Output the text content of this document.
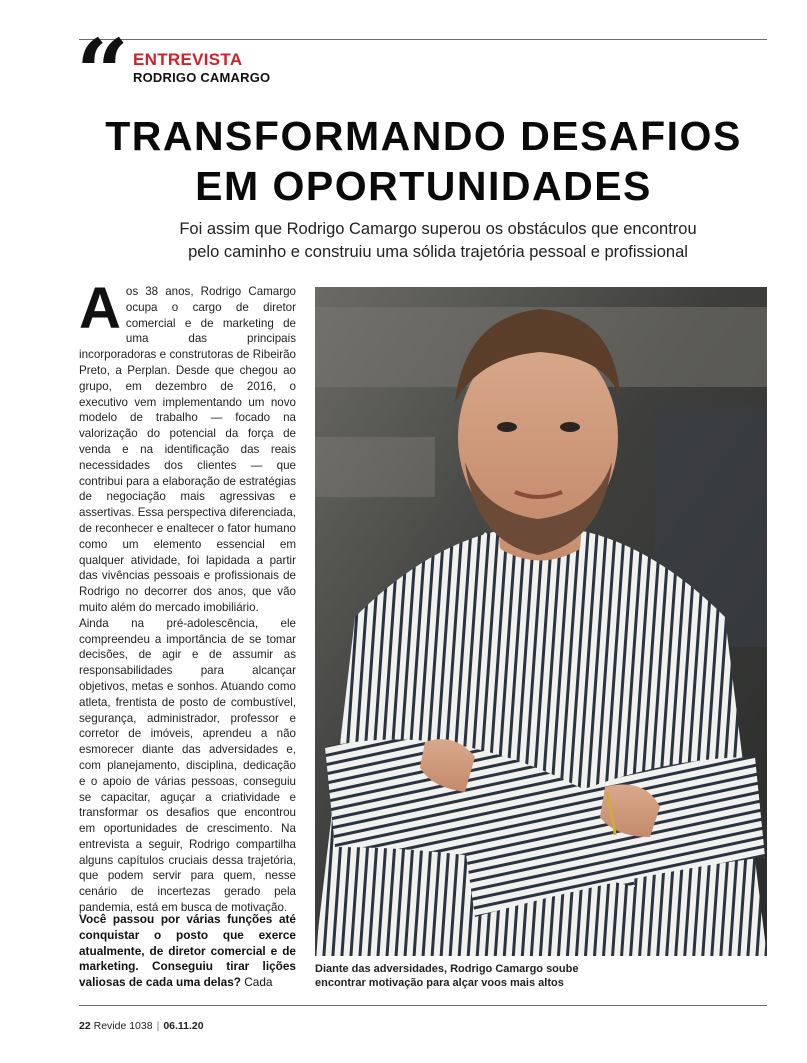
“ ENTREVISTA
RODRIGO CAMARGO
TRANSFORMANDO DESAFIOS
EM OPORTUNIDADES

Foi assim que Rodrigo Camargo superou os obstáculos que encontrou
pelo caminho e construiu uma sólida trajetória pessoal e profissional

Aos 38 anos, Rodrigo Camargo ocupa o cargo de diretor comercial e de marketing de uma das principais incorporadoras e construtoras de Ribeirão Preto, a Perplan. Desde que chegou ao grupo, em dezembro de 2016, o executivo vem implementando um novo modelo de trabalho — focado na valorização do potencial da força de venda e na identificação das reais necessidades dos clientes — que contribui para a elaboração de estratégias de negociação mais agressivas e assertivas. Essa perspectiva diferenciada, de reconhecer e enaltecer o fator humano como um elemento essencial em qualquer atividade, foi lapidada a partir das vivências pessoais e profissionais de Rodrigo no decorrer dos anos, que vão muito além do mercado imobiliário.

Ainda na pré-adolescência, ele compreendeu a importância de se tomar decisões, de agir e de assumir as responsabilidades para alcançar objetivos, metas e sonhos. Atuando como atleta, frentista de posto de combustível, segurança, administrador, professor e corretor de imóveis, aprendeu a não esmorecer diante das adversidades e, com planejamento, disciplina, dedicação e o apoio de várias pessoas, conseguiu se capacitar, aguçar a criatividade e transformar os desafios que encontrou em oportunidades de crescimento. Na entrevista a seguir, Rodrigo compartilha alguns capítulos cruciais dessa trajetória, que podem servir para quem, nesse cenário de incertezas gerado pela pandemia, está em busca de motivação.

Você passou por várias funções até conquistar o posto que exerce atualmente, de diretor comercial e de marketing. Conseguiu tirar lições valiosas de cada uma delas? Cada
Diante das adversidades, Rodrigo Camargo soube
encontrar motivação para alçar voos mais altos
22 Revide 1038 | 06.11.20
